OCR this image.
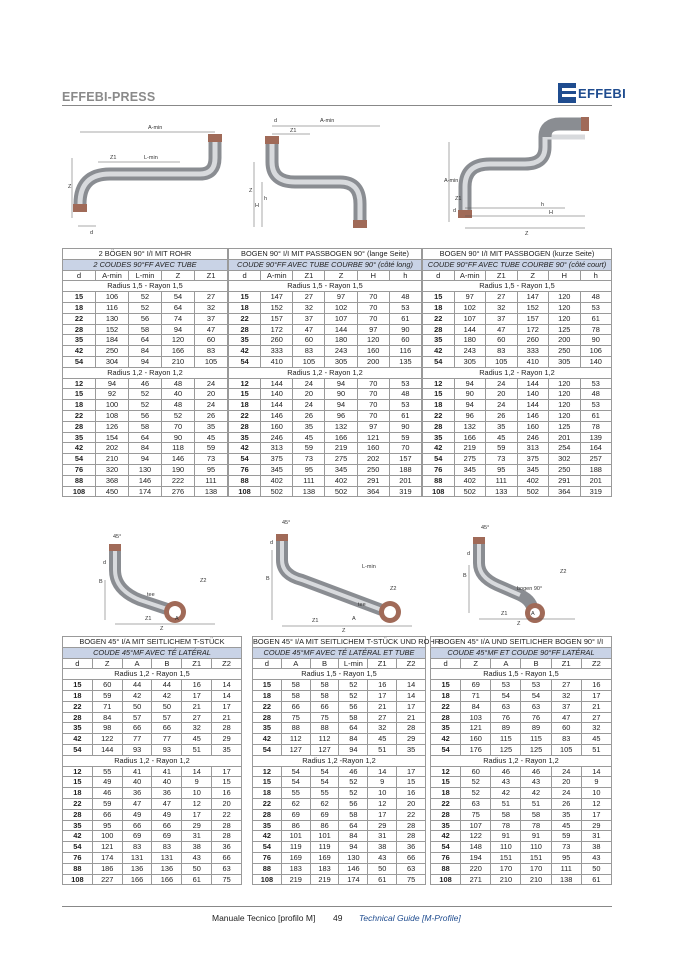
EFFEBI-PRESS	EFFEBI
A-min
Z1	L-min
Z
d
d	A-min
Z1
Z
H
h
A-min
Z1
d
h
H
Z
45°
d
Z2
B
tee
Z1	A
Z
45°
d
L-min
B
Z2
tee
Z1	A
Z
45°
d
B
bogen 90°
Z2
Z1	A
Z
2 BÖGEN 90° I/I MIT ROHR				
2 COUDES 90°FF AVEC TUBE				
d	A-min	L-min	Z	Z1
Radius 1,5 - Rayon 1,5				
15	106	52	54	27
18	116	52	64	32
22	130	56	74	37
28	152	58	94	47
35	184	64	120	60
42	250	84	166	83
54	304	94	210	105
Radius 1,2 - Rayon 1,2				
12	94	46	48	24
15	92	52	40	20
18	100	52	48	24
22	108	56	52	26
28	126	58	70	35
35	154	64	90	45
42	202	84	118	59
54	210	94	146	73
76	320	130	190	95
88	368	146	222	111
108	450	174	276	138
BOGEN 90° I/I MIT PASSBOGEN 90° (lange Seite)					
COUDE 90°FF AVEC TUBE COURBE 90° (côté long)					
d	A-min	Z1	Z	H	h
Radius 1,5 - Rayon 1,5					
15	147	27	97	70	48
18	152	32	102	70	53
22	157	37	107	70	61
28	172	47	144	97	90
35	260	60	180	120	60
42	333	83	243	160	116
54	410	105	305	200	135
Radius 1,2 - Rayon 1,2					
12	144	24	94	70	53
15	140	20	90	70	48
18	144	24	94	70	53
22	146	26	96	70	61
28	160	35	132	97	90
35	246	45	166	121	59
42	313	59	219	160	70
54	375	73	275	202	157
76	345	95	345	250	188
88	402	111	402	291	201
108	502	138	502	364	319
BOGEN 90° I/I MIT PASSBOGEN (kurze Seite)					
COUDE 90°FF AVEC TUBE COURBE 90° (côté court)					
d	A-min	Z1	Z	H	h
Radius 1,5 - Rayon 1,5					
15	97	27	147	120	48
18	102	32	152	120	53
22	107	37	157	120	61
28	144	47	172	125	78
35	180	60	260	200	90
42	243	83	333	250	106
54	305	105	410	305	140
Radius 1,2 - Rayon 1,2					
12	94	24	144	120	53
15	90	20	140	120	48
18	94	24	144	120	53
22	96	26	146	120	61
28	132	35	160	125	78
35	166	45	246	201	139
42	219	59	313	254	164
54	275	73	375	302	257
76	345	95	345	250	188
88	402	111	402	291	201
108	502	133	502	364	319
BOGEN 45° I/A MIT SEITLICHEM T-STÜCK					
COUDE 45°MF AVEC TÉ LATÉRAL					
d	Z	A	B	Z1	Z2
Radius 1,2 - Rayon 1,5					
15	60	44	44	16	14
18	59	42	42	17	14
22	71	50	50	21	17
28	84	57	57	27	21
35	98	66	66	32	28
42	122	77	77	45	29
54	144	93	93	51	35
Radius 1,2 - Rayon 1,2					
12	55	41	41	14	17
15	49	40	40	9	15
18	46	36	36	10	16
22	59	47	47	12	20
28	66	49	49	17	22
35	95	66	66	29	28
42	100	69	69	31	28
54	121	83	83	38	36
76	174	131	131	43	66
88	186	136	136	50	63
108	227	166	166	61	75
BOGEN 45° I/A MIT SEITLICHEM T-STÜCK UND ROHR					
COUDE 45°MF AVEC TÉ LATÉRAL ET TUBE					
d	A	B	L-min	Z1	Z2
Radius 1,5 - Rayon 1,5					
15	58	58	52	16	14
18	58	58	52	17	14
22	66	66	56	21	17
28	75	75	58	27	21
35	88	88	64	32	28
42	112	112	84	45	29
54	127	127	94	51	35
Radius 1,2 -Rayon 1,2					
12	54	54	46	14	17
15	54	54	52	9	15
18	55	55	52	10	16
22	62	62	56	12	20
28	69	69	58	17	22
35	86	86	64	29	28
42	101	101	84	31	28
54	119	119	94	38	36
76	169	169	130	43	66
88	183	183	146	50	63
108	219	219	174	61	75
BOGEN 45° I/A UND SEITLICHER BOGEN 90° I/I					
COUDE 45°MF ET COUDE 90°FF LATÉRAL					
d	Z	A	B	Z1	Z2
Radius 1,5 - Rayon 1,5					
15	69	53	53	27	16
18	71	54	54	32	17
22	84	63	63	37	21
28	103	76	76	47	27
35	121	89	89	60	32
42	160	115	115	83	45
54	176	125	125	105	51
Radius 1,2 - Rayon 1,2					
12	60	46	46	24	14
15	52	43	43	20	9
18	52	42	42	24	10
22	63	51	51	26	12
28	75	58	58	35	17
35	107	78	78	45	29
42	122	91	91	59	31
54	148	110	110	73	38
76	194	151	151	95	43
88	220	170	170	111	50
108	271	210	210	138	61
Manuale Tecnico [profilo M] 49 Technical Guide [M-Profile]
